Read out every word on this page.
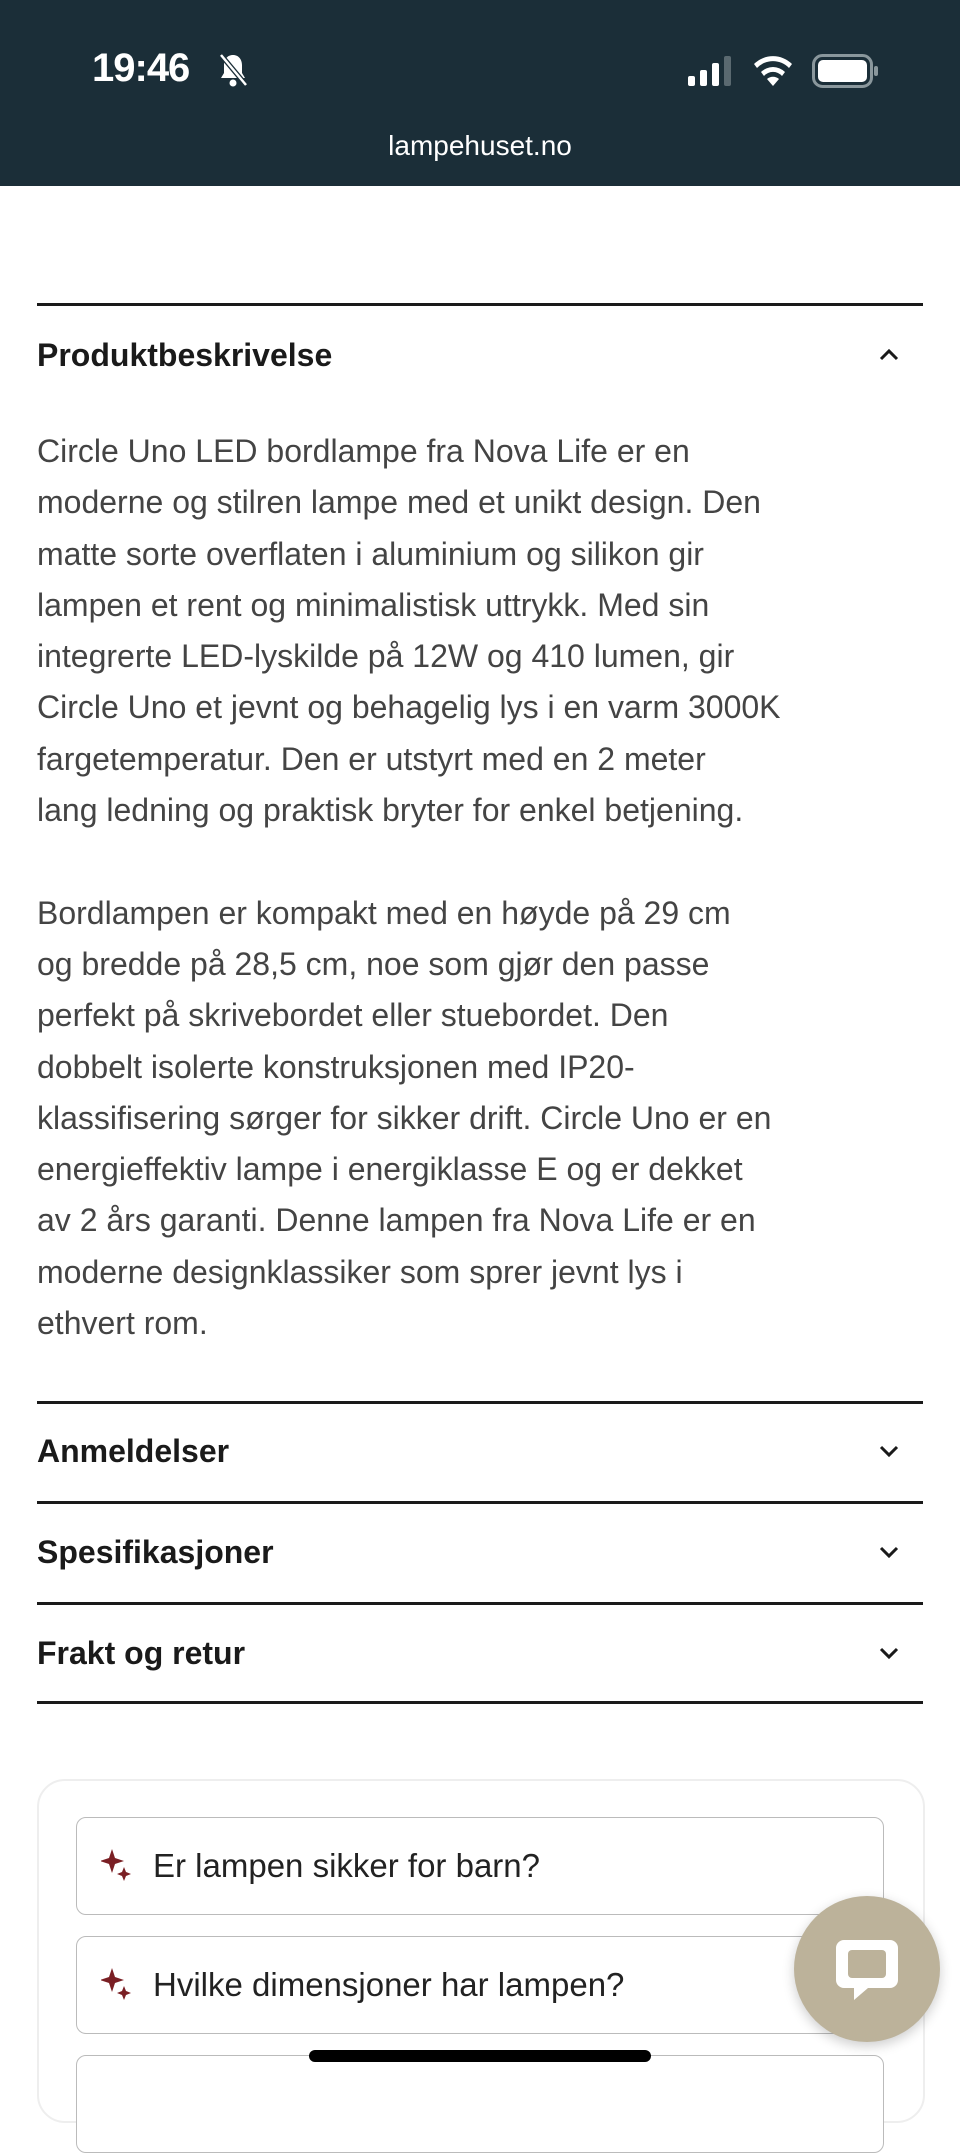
19:46
lampehuset.no
Produktbeskrivelse
Circle Uno LED bordlampe fra Nova Life er en
moderne og stilren lampe med et unikt design. Den
matte sorte overflaten i aluminium og silikon gir
lampen et rent og minimalistisk uttrykk. Med sin
integrerte LED-lyskilde på 12W og 410 lumen, gir
Circle Uno et jevnt og behagelig lys i en varm 3000K
fargetemperatur. Den er utstyrt med en 2 meter
lang ledning og praktisk bryter for enkel betjening.
Bordlampen er kompakt med en høyde på 29 cm
og bredde på 28,5 cm, noe som gjør den passe
perfekt på skrivebordet eller stuebordet. Den
dobbelt isolerte konstruksjonen med IP20-
klassifisering sørger for sikker drift. Circle Uno er en
energieffektiv lampe i energiklasse E og er dekket
av 2 års garanti. Denne lampen fra Nova Life er en
moderne designklassiker som sprer jevnt lys i
ethvert rom.
Anmeldelser
Spesifikasjoner
Frakt og retur
Er lampen sikker for barn?
Hvilke dimensjoner har lampen?
